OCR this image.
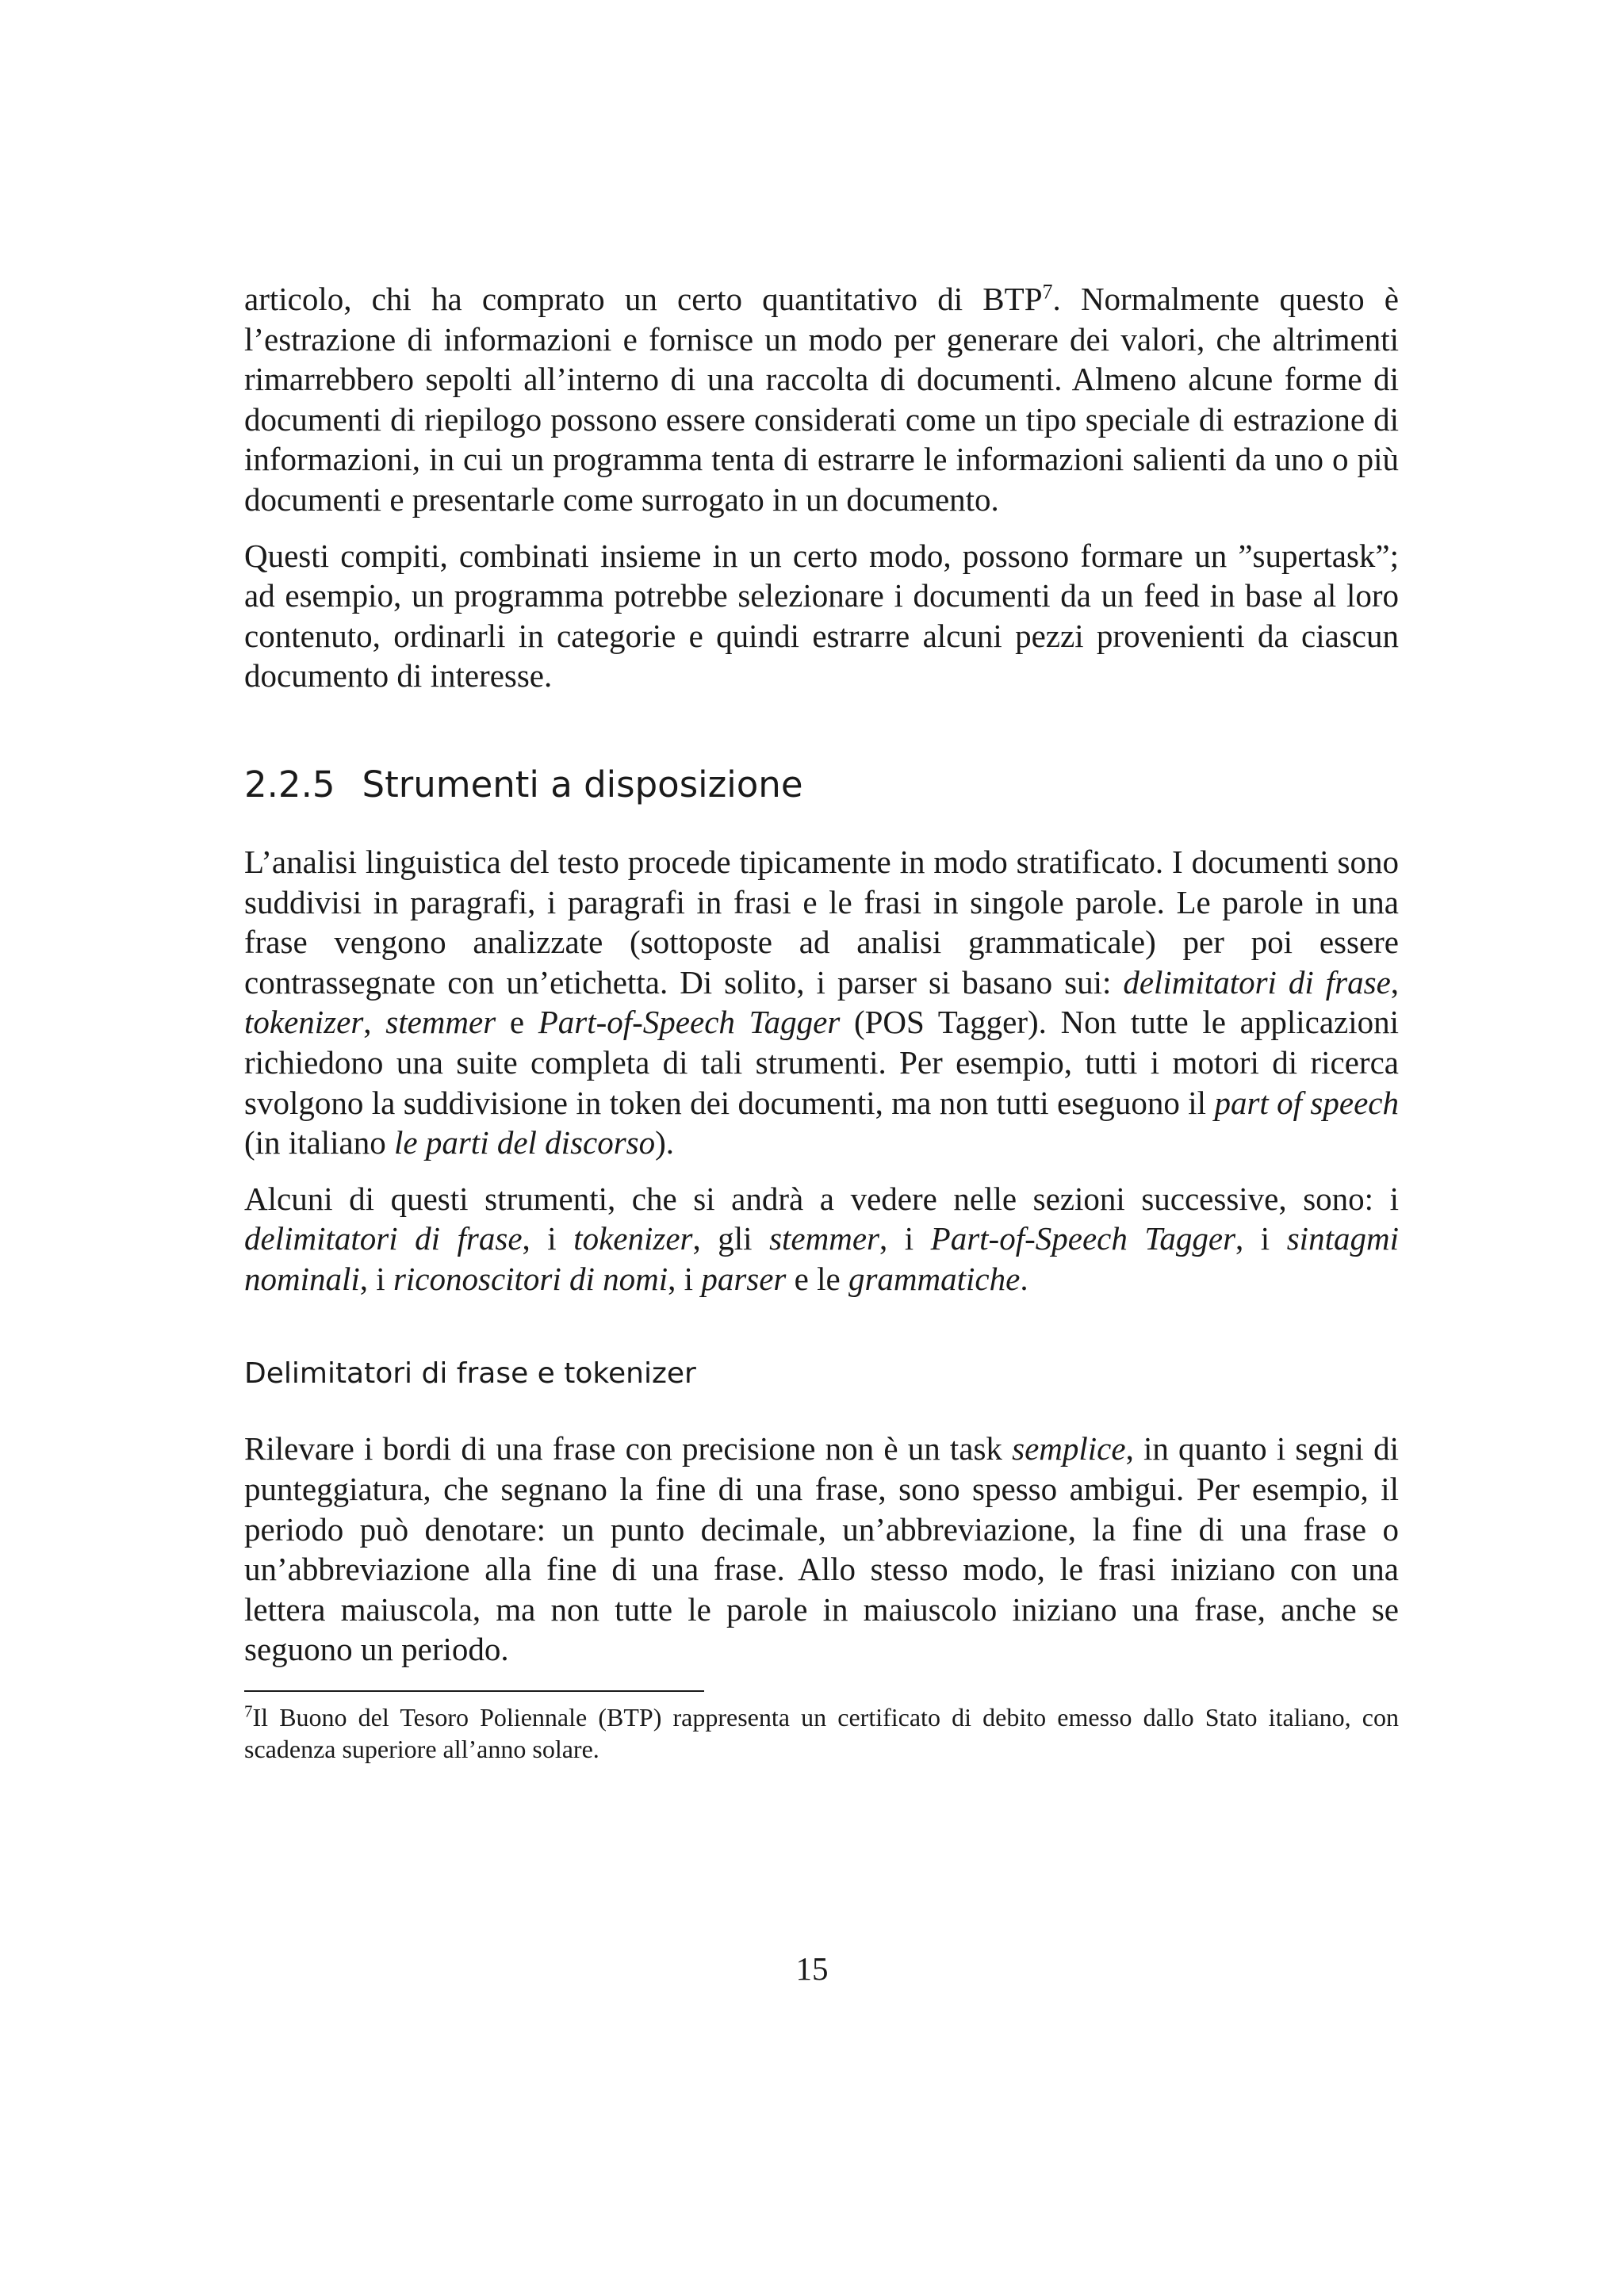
articolo, chi ha comprato un certo quantitativo di BTP$^7$. Normalmente questo è l’estrazione di informazioni e fornisce un modo per generare dei valori, che altrimenti rimarrebbero sepolti all’interno di una raccolta di documenti. Almeno alcune forme di documenti di riepilogo possono essere considerati come un tipo speciale di estrazione di informazioni, in cui un programma tenta di estrarre le informazioni salienti da uno o più documenti e presentarle come surrogato in un documento.

Questi compiti, combinati insieme in un certo modo, possono formare un ”supertask”; ad esempio, un programma potrebbe selezionare i documenti da un feed in base al loro contenuto, ordinarli in categorie e quindi estrarre alcuni pezzi provenienti da ciascun documento di interesse.

2.2.5 Strumenti a disposizione

L’analisi linguistica del testo procede tipicamente in modo stratificato. I documenti sono suddivisi in paragrafi, i paragrafi in frasi e le frasi in singole parole. Le parole in una frase vengono analizzate (sottoposte ad analisi grammaticale) per poi essere contrassegnate con un’etichetta. Di solito, i parser si basano sui: delimitatori di frase, tokenizer, stemmer e Part-of-Speech Tagger (POS Tagger). Non tutte le applicazioni richiedono una suite completa di tali strumenti. Per esempio, tutti i motori di ricerca svolgono la suddivisione in token dei documenti, ma non tutti eseguono il part of speech (in italiano le parti del discorso).

Alcuni di questi strumenti, che si andrà a vedere nelle sezioni successive, sono: i delimitatori di frase, i tokenizer, gli stemmer, i Part-of-Speech Tagger, i sintagmi nominali, i riconoscitori di nomi, i parser e le grammatiche.

Delimitatori di frase e tokenizer

Rilevare i bordi di una frase con precisione non è un task semplice, in quanto i segni di punteggiatura, che segnano la fine di una frase, sono spesso ambigui. Per esempio, il periodo può denotare: un punto decimale, un’abbreviazione, la fine di una frase o un’abbreviazione alla fine di una frase. Allo stesso modo, le frasi iniziano con una lettera maiuscola, ma non tutte le parole in maiuscolo iniziano una frase, anche se seguono un periodo.

$^7$Il Buono del Tesoro Poliennale (BTP) rappresenta un certificato di debito emesso dallo Stato italiano, con scadenza superiore all’anno solare.

15
